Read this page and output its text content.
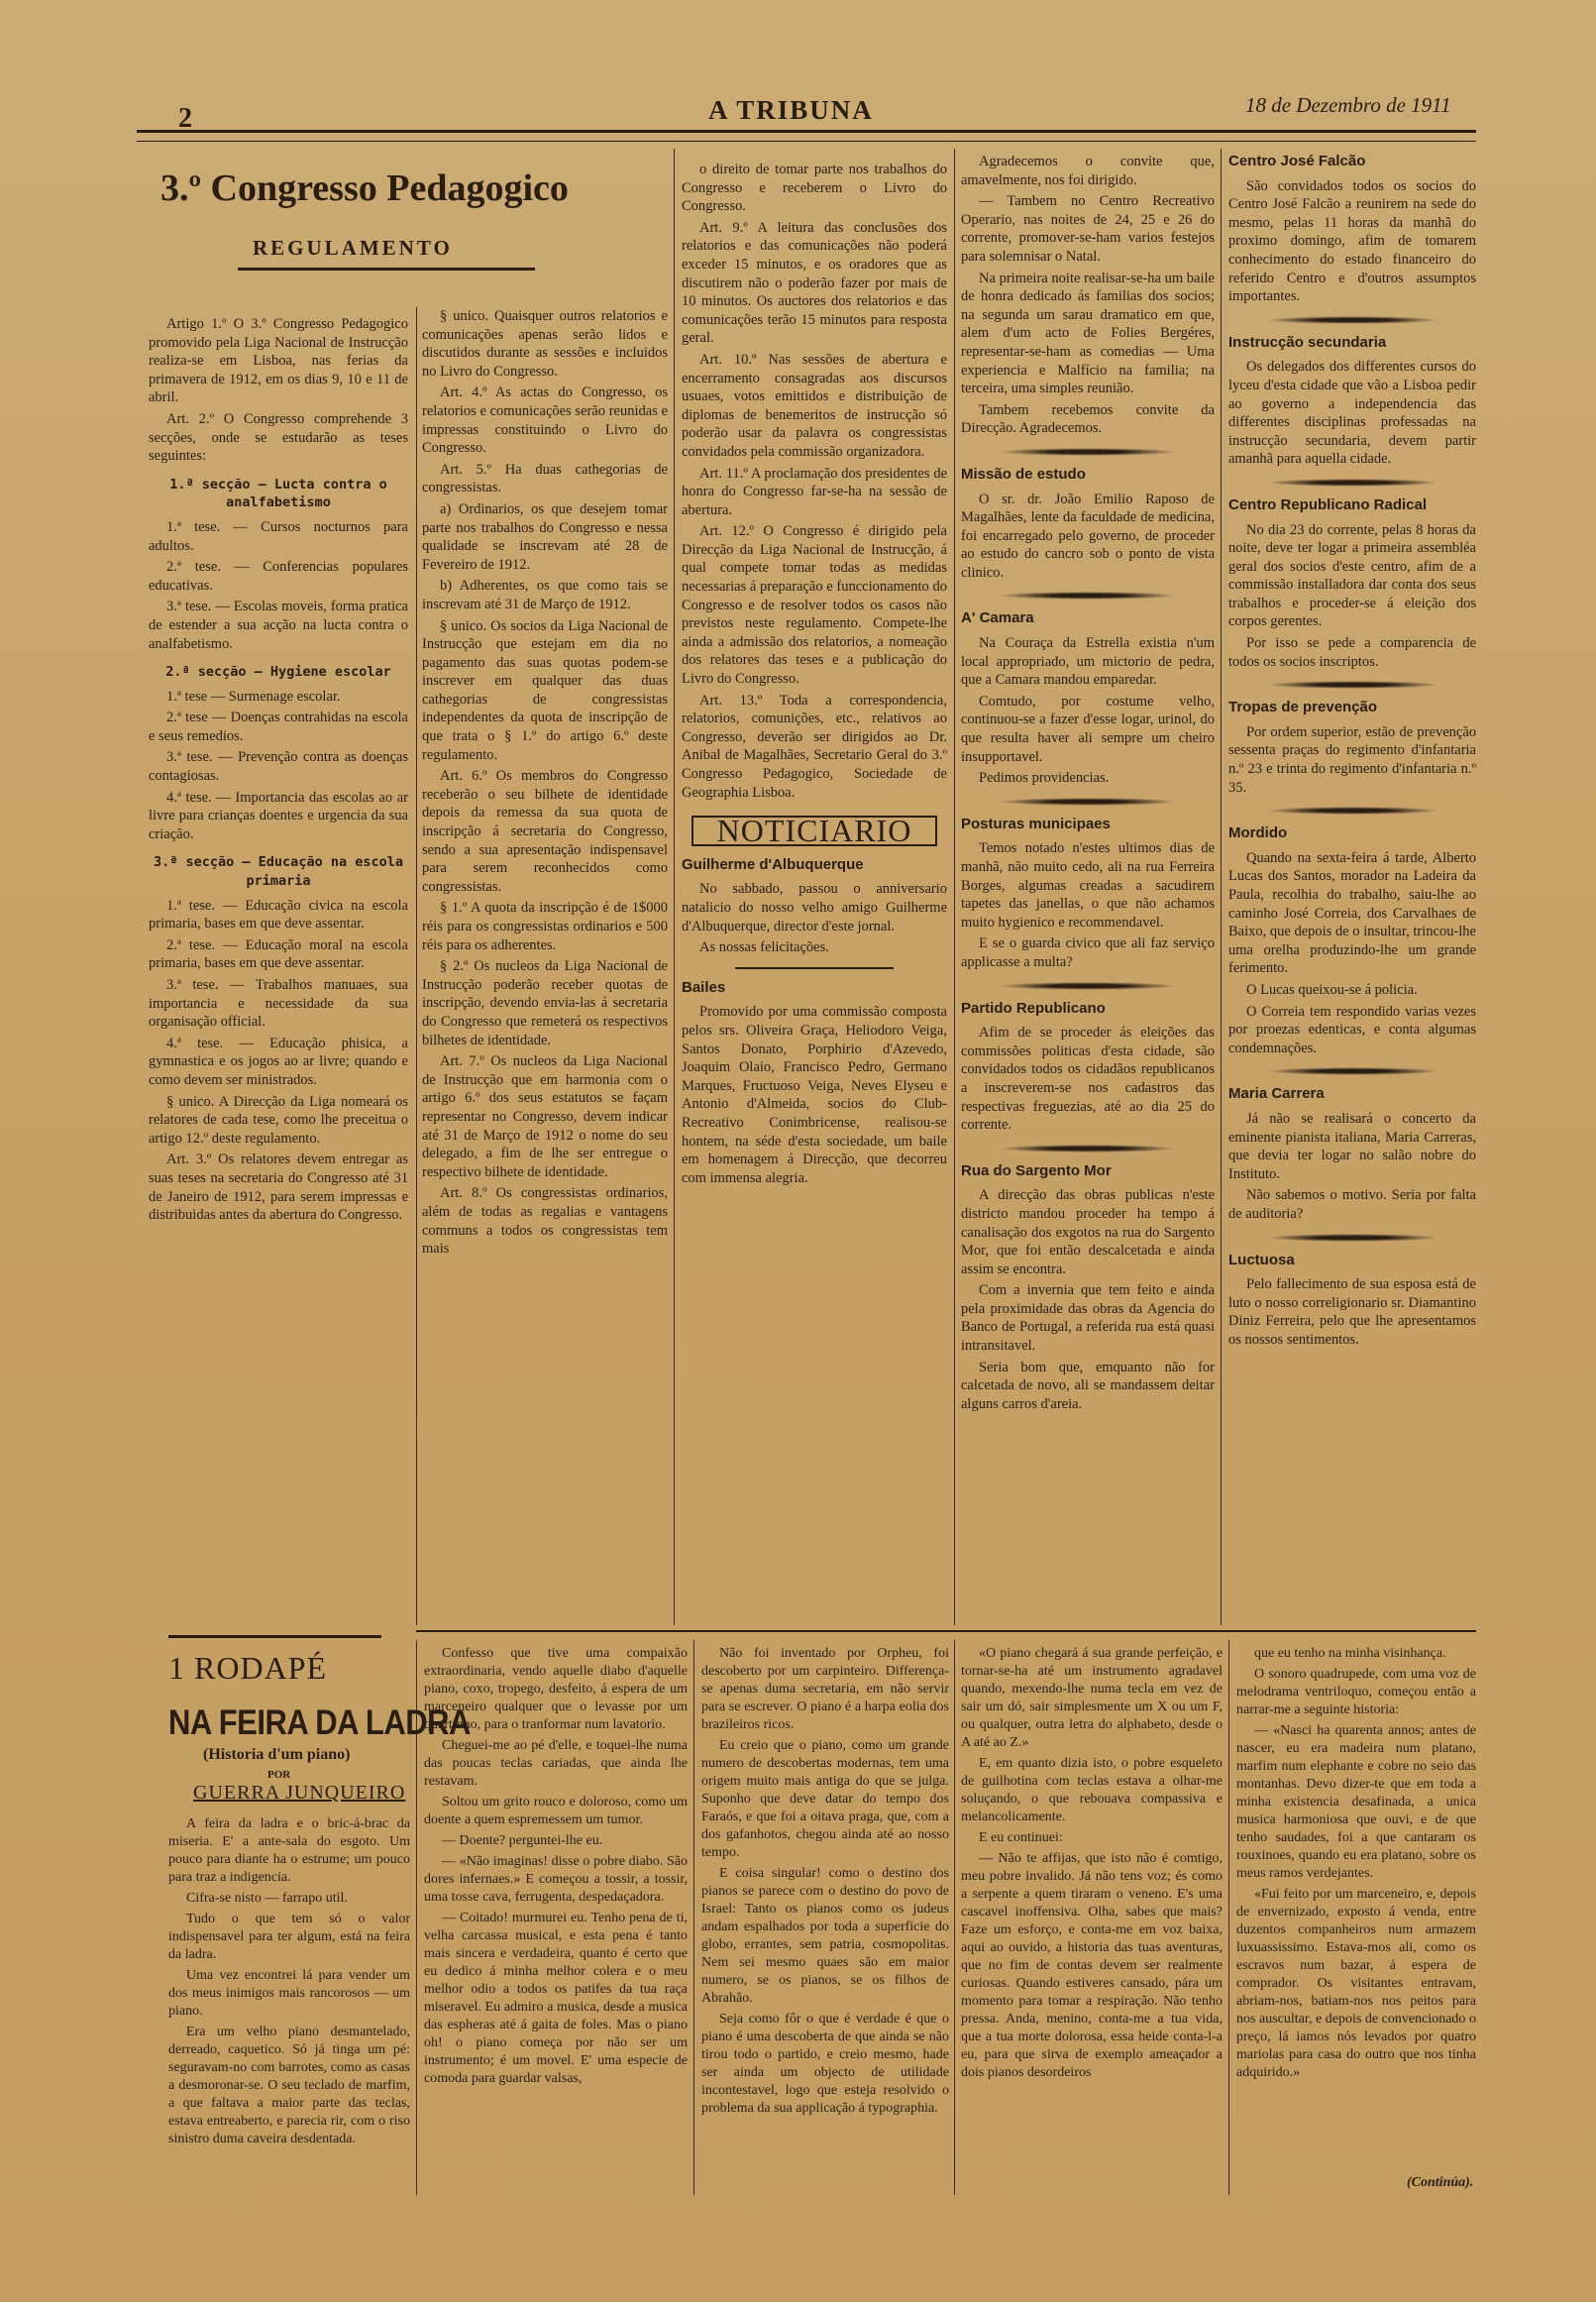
2	A TRIBUNA	18 de Dezembro de 1911
3.º Congresso Pedagogico
REGULAMENTO

Artigo 1.º O 3.º Congresso Pedagogico promovido pela Liga Nacional de Instrucção realiza-se em Lisboa, nas ferias da primavera de 1912, em os dias 9, 10 e 11 de abril.

Art. 2.º O Congresso comprehende 3 secções, onde se estudarão as teses seguintes:

1.ª secção — Lucta contra o analfabetismo

1.ª tese. — Cursos nocturnos para adultos.

2.ª tese. — Conferencias populares educativas.

3.ª tese. — Escolas moveis, forma pratica de estender a sua acção na lucta contra o analfabetismo.

2.ª secção — Hygiene escolar

1.ª tese — Surmenage escolar.

2.ª tese — Doenças contrahidas na escola e seus remedios.

3.ª tese. — Prevenção contra as doenças contagiosas.

4.ª tese. — Importancia das escolas ao ar livre para crianças doentes e urgencia da sua criação.

3.ª secção — Educação na escola primaria

1.ª tese. — Educação civica na escola primaria, bases em que deve assentar.

2.ª tese. — Educação moral na escola primaria, bases em que deve assentar.

3.ª tese. — Trabalhos manuaes, sua importancia e necessidade da sua organisação official.

4.ª tese. — Educação phisica, a gymnastica e os jogos ao ar livre; quando e como devem ser ministrados.

§ unico. A Direcção da Liga nomeará os relatores de cada tese, como lhe preceitua o artigo 12.º deste regulamento.

Art. 3.º Os relatores devem entregar as suas teses na secretaria do Congresso até 31 de Janeiro de 1912, para serem impressas e distribuidas antes da abertura do Congresso.

§ unico. Quaisquer outros relatorios e comunicações apenas serão lidos e discutidos durante as sessões e incluidos no Livro do Congresso.

Art. 4.º As actas do Congresso, os relatorios e comunicações serão reunidas e impressas constituindo o Livro do Congresso.

Art. 5.º Ha duas cathegorias de congressistas.

a) Ordinarios, os que desejem tomar parte nos trabalhos do Congresso e nessa qualidade se inscrevam até 28 de Fevereiro de 1912.

b) Adherentes, os que como tais se inscrevam até 31 de Março de 1912.

§ unico. Os socios da Liga Nacional de Instrucção que estejam em dia no pagamento das suas quotas podem-se inscrever em qualquer das duas cathegorias de congressistas independentes da quota de inscripção de que trata o § 1.º do artigo 6.º deste regulamento.

Art. 6.º Os membros do Congresso receberão o seu bilhete de identidade depois da remessa da sua quota de inscripção á secretaria do Congresso, sendo a sua apresentação indispensavel para serem reconhecidos como congressistas.

§ 1.º A quota da inscripção é de 1$000 réis para os congressistas ordinarios e 500 réis para os adherentes.

§ 2.º Os nucleos da Liga Nacional de Instrucção poderão receber quotas de inscripção, devendo envia-las á secretaria do Congresso que remeterá os respectivos bilhetes de identidade.

Art. 7.º Os nucleos da Liga Nacional de Instrucção que em harmonia com o artigo 6.º dos seus estatutos se façam representar no Congresso, devem indicar até 31 de Março de 1912 o nome do seu delegado, a fim de lhe ser entregue o respectivo bilhete de identidade.

Art. 8.º Os congressistas ordinarios, além de todas as regalias e vantagens communs a todos os congressistas tem mais

o direito de tomar parte nos trabalhos do Congresso e receberem o Livro do Congresso.

Art. 9.º A leitura das conclusões dos relatorios e das comunicações não poderá exceder 15 minutos, e os oradores que as discutirem não o poderão fazer por mais de 10 minutos. Os auctores dos relatorios e das comunicações terão 15 minutos para resposta geral.

Art. 10.º Nas sessões de abertura e encerramento consagradas aos discursos usuaes, votos emittidos e distribuição de diplomas de benemeritos de instrucção só poderão usar da palavra os congressistas convidados pela commissão organizadora.

Art. 11.º A proclamação dos presidentes de honra do Congresso far-se-ha na sessão de abertura.

Art. 12.º O Congresso é dirigido pela Direcção da Liga Nacional de Instrucção, á qual compete tomar todas as medidas necessarias á preparação e funccionamento do Congresso e de resolver todos os casos não previstos neste regulamento. Compete-lhe ainda a admissão dos relatorios, a nomeação dos relatores das teses e a publicação do Livro do Congresso.

Art. 13.º Toda a correspondencia, relatorios, comunições, etc., relativos ao Congresso, deverão ser dirigidos ao Dr. Anibal de Magalhães, Secretario Geral do 3.º Congresso Pedagogico, Sociedade de Geographia Lisboa.

NOTICIARIO
Guilherme d'Albuquerque

No sabbado, passou o anniversario natalicio do nosso velho amigo Guilherme d'Albuquerque, director d'este jornal.

As nossas felicitações.

Bailes

Promovido por uma commissão composta pelos srs. Oliveira Graça, Heliodoro Veiga, Santos Donato, Porphirio d'Azevedo, Joaquim Olaio, Francisco Pedro, Germano Marques, Fructuoso Veiga, Neves Elyseu e Antonio d'Almeida, socios do Club-Recreativo Conimbricense, realisou-se hontem, na séde d'esta sociedade, um baile em homenagem á Direcção, que decorreu com immensa alegria.

Agradecemos o convite que, amavelmente, nos foi dirigido.

— Tambem no Centro Recreativo Operario, nas noites de 24, 25 e 26 do corrente, promover-se-ham varios festejos para solemnisar o Natal.

Na primeira noite realisar-se-ha um baile de honra dedicado ás familias dos socios; na segunda um sarau dramatico em que, alem d'um acto de Folies Bergéres, representar-se-ham as comedias — Uma experiencia e Malfício na familia; na terceira, uma simples reunião.

Tambem recebemos convite da Direcção. Agradecemos.

Missão de estudo

O sr. dr. João Emilio Raposo de Magalhães, lente da faculdade de medicina, foi encarregado pelo governo, de proceder ao estudo do cancro sob o ponto de vista clinico.

A' Camara

Na Couraça da Estrella existia n'um local appropriado, um mictorio de pedra, que a Camara mandou emparedar.

Comtudo, por costume velho, continuou-se a fazer d'esse logar, urinol, do que resulta haver ali sempre um cheiro insupportavel.

Pedimos providencias.

Posturas municipaes

Temos notado n'estes ultimos dias de manhã, não muito cedo, ali na rua Ferreira Borges, algumas creadas a sacudirem tapetes das janellas, o que não achamos muito hygienico e recommendavel.

E se o guarda civico que ali faz serviço applicasse a multa?

Partido Republicano

Afim de se proceder ás eleições das commissões politicas d'esta cidade, são convidados todos os cidadãos republicanos a inscreverem-se nos cadastros das respectivas freguezias, até ao dia 25 do corrente.

Rua do Sargento Mor

A direcção das obras publicas n'este districto mandou proceder ha tempo á canalisação dos exgotos na rua do Sargento Mor, que foi então descalcetada e ainda assim se encontra.

Com a invernia que tem feito e ainda pela proximidade das obras da Agencia do Banco de Portugal, a referida rua está quasi intransitavel.

Seria bom que, emquanto não for calcetada de novo, ali se mandassem deitar alguns carros d'areia.

Centro José Falcão

São convidados todos os socios do Centro José Falcão a reunirem na sede do mesmo, pelas 11 horas da manhã do proximo domingo, afim de tomarem conhecimento do estado financeiro do referido Centro e d'outros assumptos importantes.

Instrucção secundaria

Os delegados dos differentes cursos do lyceu d'esta cidade que vão a Lisboa pedir ao governo a independencia das differentes disciplinas professadas na instrucção secundaria, devem partir amanhã para aquella cidade.

Centro Republicano Radical

No dia 23 do corrente, pelas 8 horas da noite, deve ter logar a primeira assembléa geral dos socios d'este centro, afim de a commissão installadora dar conta dos seus trabalhos e proceder-se á eleição dos corpos gerentes.

Por isso se pede a comparencia de todos os socios inscriptos.

Tropas de prevenção

Por ordem superior, estão de prevenção sessenta praças do regimento d'infantaria n.º 23 e trinta do regimento d'infantaria n.º 35.

Mordido

Quando na sexta-feira á tarde, Alberto Lucas dos Santos, morador na Ladeira da Paula, recolhia do trabalho, saiu-lhe ao caminho José Correia, dos Carvalhaes de Baixo, que depois de o insultar, trincou-lhe uma orelha produzindo-lhe um grande ferimento.

O Lucas queixou-se á policia.

O Correia tem respondido varias vezes por proezas edenticas, e conta algumas condemnações.

Maria Carrera

Já não se realisará o concerto da eminente pianista italiana, Maria Carreras, que devia ter logar no salão nobre do Instituto.

Não sabemos o motivo. Seria por falta de auditoria?

Luctuosa

Pelo fallecimento de sua esposa está de luto o nosso correligionario sr. Diamantino Diniz Ferreira, pelo que lhe apresentamos os nossos sentimentos.

1 RODAPÉ
NA FEIRA DA LADRA
(Historia d'um piano)
POR
GUERRA JUNQUEIRO

A feira da ladra e o bric-á-brac da miseria. E' a ante-sala do esgoto. Um pouco para diante ha o estrume; um pouco para traz a indigencia.

Cifra-se nisto — farrapo util.

Tudo o que tem só o valor indispensavel para ter algum, está na feira da ladra.

Uma vez encontrei lá para vender um dos meus inimigos mais rancorosos — um piano.

Era um velho piano desmantelado, derreado, caquetico. Só já tinga um pé: seguravam-no com barrotes, como as casas a desmoronar-se. O seu teclado de marfim, a que faltava a maior parte das teclas, estava entreaberto, e parecia rir, com o riso sinistro duma caveira desdentada.

Confesso que tive uma compaixão extraordinaria, vendo aquelle diabo d'aquelle piano, coxo, tropego, desfeito, á espera de um marceneiro qualquer que o levasse por um quartinho, para o tranformar num lavatorio.

Cheguei-me ao pé d'elle, e toquei-lhe numa das poucas teclas cariadas, que ainda lhe restavam.

Soltou um grito rouco e doloroso, como um doente a quem espremessem um tumor.

— Doente? perguntei-lhe eu.

— «Não imaginas! disse o pobre diabo. São dores infernaes.» E começou a tossir, a tossir, uma tosse cava, ferrugenta, despedaçadora.

— Coitado! murmurei eu. Tenho pena de ti, velha carcassa musical, e esta pena é tanto mais sincera e verdadeira, quanto é certo que eu dedico á minha melhor colera e o meu melhor odio a todos os patifes da tua raça miseravel. Eu admiro a musica, desde a musica das espheras até á gaita de foles. Mas o piano oh! o piano começa por não ser um instrumento; é um movel. E' uma especie de comoda para guardar valsas,

Não foi inventado por Orpheu, foi descoberto por um carpinteiro. Differença-se apenas duma secretaria, em não servir para se escrever. O piano é a harpa eolia dos brazileiros ricos.

Eu creio que o piano, como um grande numero de descobertas modernas, tem uma origem muito mais antiga do que se julga. Suponho que deve datar do tempo dos Faraós, e que foi a oitava praga, que, com a dos gafanhotos, chegou ainda até ao nosso tempo.

E coisa singular! como o destino dos pianos se parece com o destino do povo de Israel: Tanto os pianos como os judeus andam espalhados por toda a superficie do globo, errantes, sem patria, cosmopolitas. Nem sei mesmo quaes são em maior numero, se os pianos, se os filhos de Abrahão.

Seja como fôr o que é verdade é que o piano é uma descoberta de que ainda se não tirou todo o partido, e creio mesmo, hade ser ainda um objecto de utilidade incontestavel, logo que esteja resolvido o problema da sua applicação á typographia.

«O piano chegará á sua grande perfeição, e tornar-se-ha até um instrumento agradavel quando, mexendo-lhe numa tecla em vez de sair um dó, sair simplesmente um X ou um F, ou qualquer, outra letra do alphabeto, desde o A até ao Z.»

E, em quanto dizia isto, o pobre esqueleto de guilhotina com teclas estava a olhar-me soluçando, o que rebouava compassiva e melancolicamente.

E eu continuei:

— Não te affijas, que isto não é comtigo, meu pobre invalido. Já não tens voz; és como a serpente a quem tiraram o veneno. E's uma cascavel inoffensiva. Olha, sabes que mais? Faze um esforço, e conta-me em voz baixa, aqui ao ouvido, a historia das tuas aventuras, que no fim de contas devem ser realmente curiosas. Quando estiveres cansado, pára um momento para tomar a respiração. Não tenho pressa. Anda, menino, conta-me a tua vida, que a tua morte dolorosa, essa heide conta-l-a eu, para que sirva de exemplo ameaçador a dois pianos desordeiros

que eu tenho na minha visinhança.

O sonoro quadrupede, com uma voz de melodrama ventriloquo, começou então a narrar-me a seguinte historia:

— «Nasci ha quarenta annos; antes de nascer, eu era madeira num platano, marfim num elephante e cobre no seio das montanhas. Devo dizer-te que em toda a minha existencia desafinada, a unica musica harmoniosa que ouvi, e de que tenho saudades, foi a que cantaram os rouxinoes, quando eu era platano, sobre os meus ramos verdejantes.

«Fui feito por um marceneiro, e, depois de envernizado, exposto á venda, entre duzentos companheiros num armazem luxuassissimo. Estava-mos ali, como os escravos num bazar, á espera de comprador. Os visitantes entravam, abriam-nos, batiam-nos nos peitos para nos auscultar, e depois de convencionado o preço, lá iamos nós levados por quatro mariolas para casa do outro que nos tinha adquirido.»

(Continúa).
